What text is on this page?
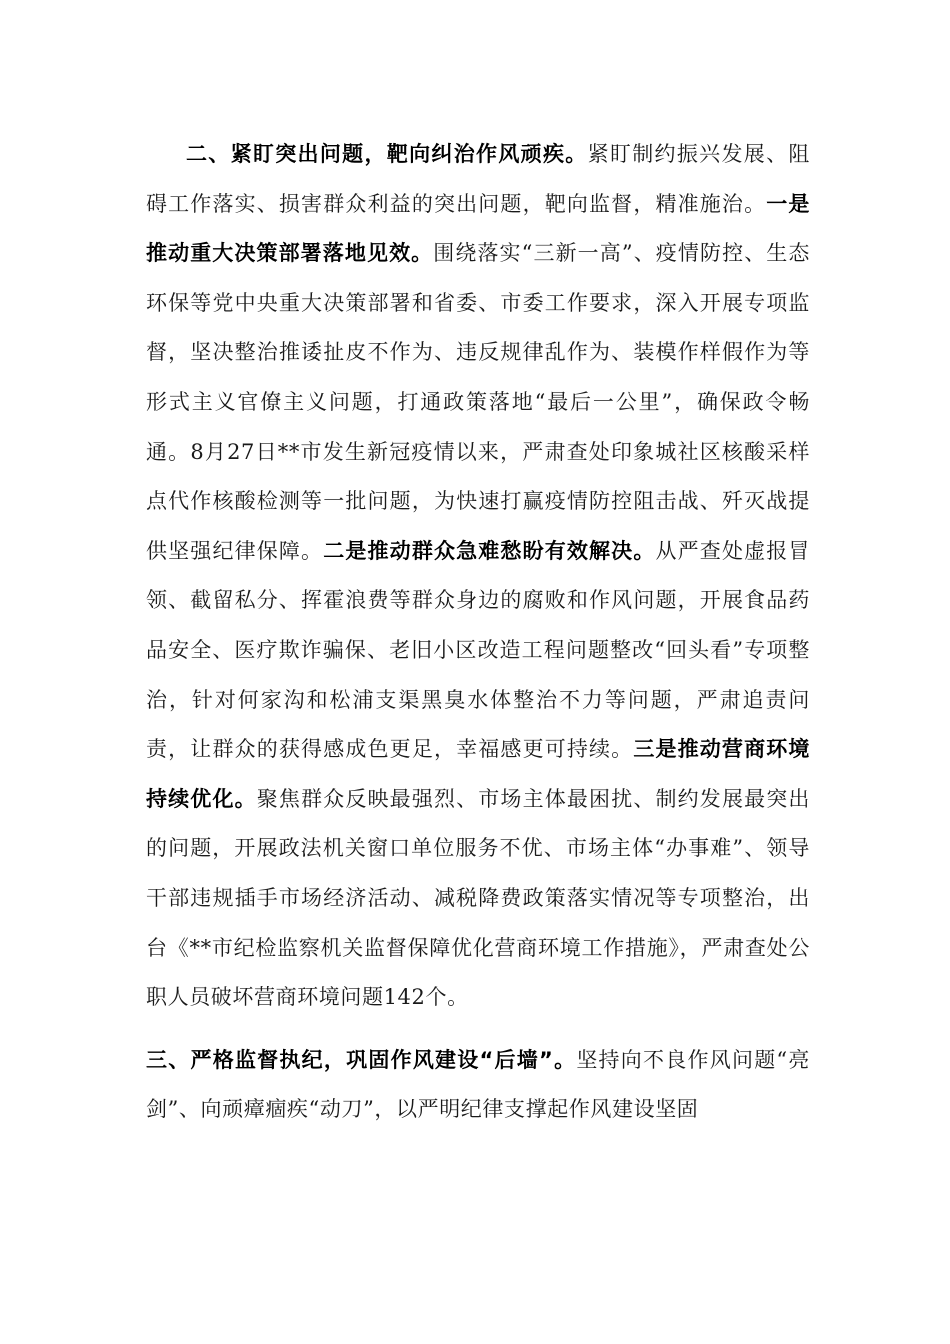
二、紧盯突出问题，靶向纠治作风顽疾。紧盯制约振兴发展、阻碍工作落实、损害群众利益的突出问题，靶向监督，精准施治。一是推动重大决策部署落地见效。围绕落实“三新一高”、疫情防控、生态环保等党中央重大决策部署和省委、市委工作要求，深入开展专项监督，坚决整治推诿扯皮不作为、违反规律乱作为、装模作样假作为等形式主义官僚主义问题，打通政策落地“最后一公里”，确保政令畅通。8月27日**市发生新冠疫情以来，严肃查处印象城社区核酸采样点代作核酸检测等一批问题，为快速打赢疫情防控阻击战、歼灭战提供坚强纪律保障。二是推动群众急难愁盼有效解决。从严查处虚报冒领、截留私分、挥霍浪费等群众身边的腐败和作风问题，开展食品药品安全、医疗欺诈骗保、老旧小区改造工程问题整改“回头看”专项整治，针对何家沟和松浦支渠黑臭水体整治不力等问题，严肃追责问责，让群众的获得感成色更足，幸福感更可持续。三是推动营商环境持续优化。聚焦群众反映最强烈、市场主体最困扰、制约发展最突出的问题，开展政法机关窗口单位服务不优、市场主体“办事难”、领导干部违规插手市场经济活动、减税降费政策落实情况等专项整治，出台《**市纪检监察机关监督保障优化营商环境工作措施》，严肃查处公职人员破坏营商环境问题142个。

三、严格监督执纪，巩固作风建设“后墙”。坚持向不良作风问题“亮剑”、向顽瘴痼疾“动刀”，以严明纪律支撑起作风建设坚固
